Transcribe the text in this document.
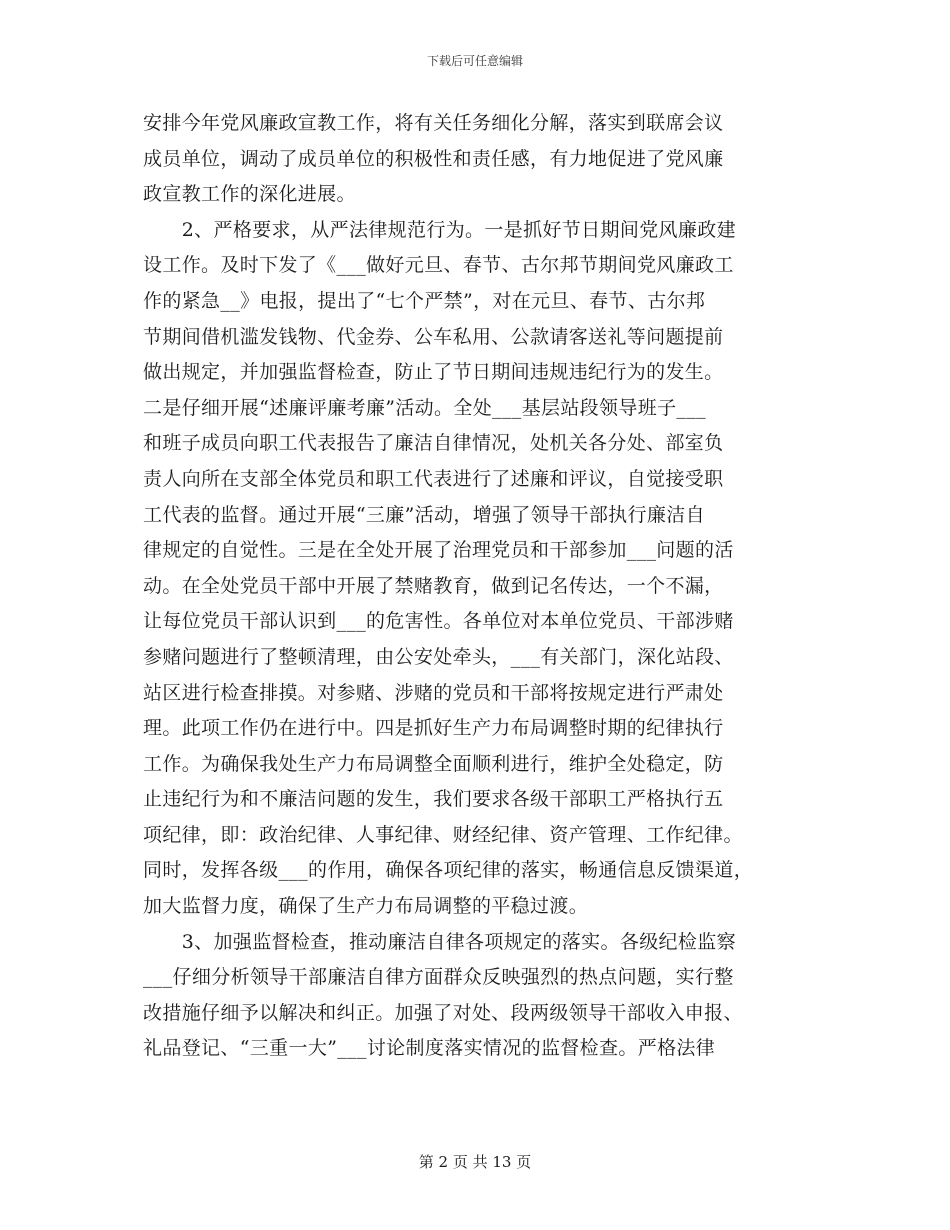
下载后可任意编辑
安排今年党风廉政宣教工作，将有关任务细化分解，落实到联席会议
成员单位，调动了成员单位的积极性和责任感，有力地促进了党风廉
政宣教工作的深化进展。
　　2、严格要求，从严法律规范行为。一是抓好节日期间党风廉政建
设工作。及时下发了《___做好元旦、春节、古尔邦节期间党风廉政工
作的紧急__》电报，提出了“七个严禁”，对在元旦、春节、古尔邦
节期间借机滥发钱物、代金券、公车私用、公款请客送礼等问题提前
做出规定，并加强监督检查，防止了节日期间违规违纪行为的发生。
二是仔细开展“述廉评廉考廉”活动。全处___基层站段领导班子___
和班子成员向职工代表报告了廉洁自律情况，处机关各分处、部室负
责人向所在支部全体党员和职工代表进行了述廉和评议，自觉接受职
工代表的监督。通过开展“三廉”活动，增强了领导干部执行廉洁自
律规定的自觉性。三是在全处开展了治理党员和干部参加___问题的活
动。在全处党员干部中开展了禁赌教育，做到记名传达，一个不漏，
让每位党员干部认识到___的危害性。各单位对本单位党员、干部涉赌
参赌问题进行了整顿清理，由公安处牵头，___有关部门，深化站段、
站区进行检查排摸。对参赌、涉赌的党员和干部将按规定进行严肃处
理。此项工作仍在进行中。四是抓好生产力布局调整时期的纪律执行
工作。为确保我处生产力布局调整全面顺利进行，维护全处稳定，防
止违纪行为和不廉洁问题的发生，我们要求各级干部职工严格执行五
项纪律，即：政治纪律、人事纪律、财经纪律、资产管理、工作纪律。
同时，发挥各级___的作用，确保各项纪律的落实，畅通信息反馈渠道，
加大监督力度，确保了生产力布局调整的平稳过渡。
　　3、加强监督检查，推动廉洁自律各项规定的落实。各级纪检监察
___仔细分析领导干部廉洁自律方面群众反映强烈的热点问题，实行整
改措施仔细予以解决和纠正。加强了对处、段两级领导干部收入申报、
礼品登记、“三重一大”___讨论制度落实情况的监督检查。严格法律
第 2 页 共 13 页
